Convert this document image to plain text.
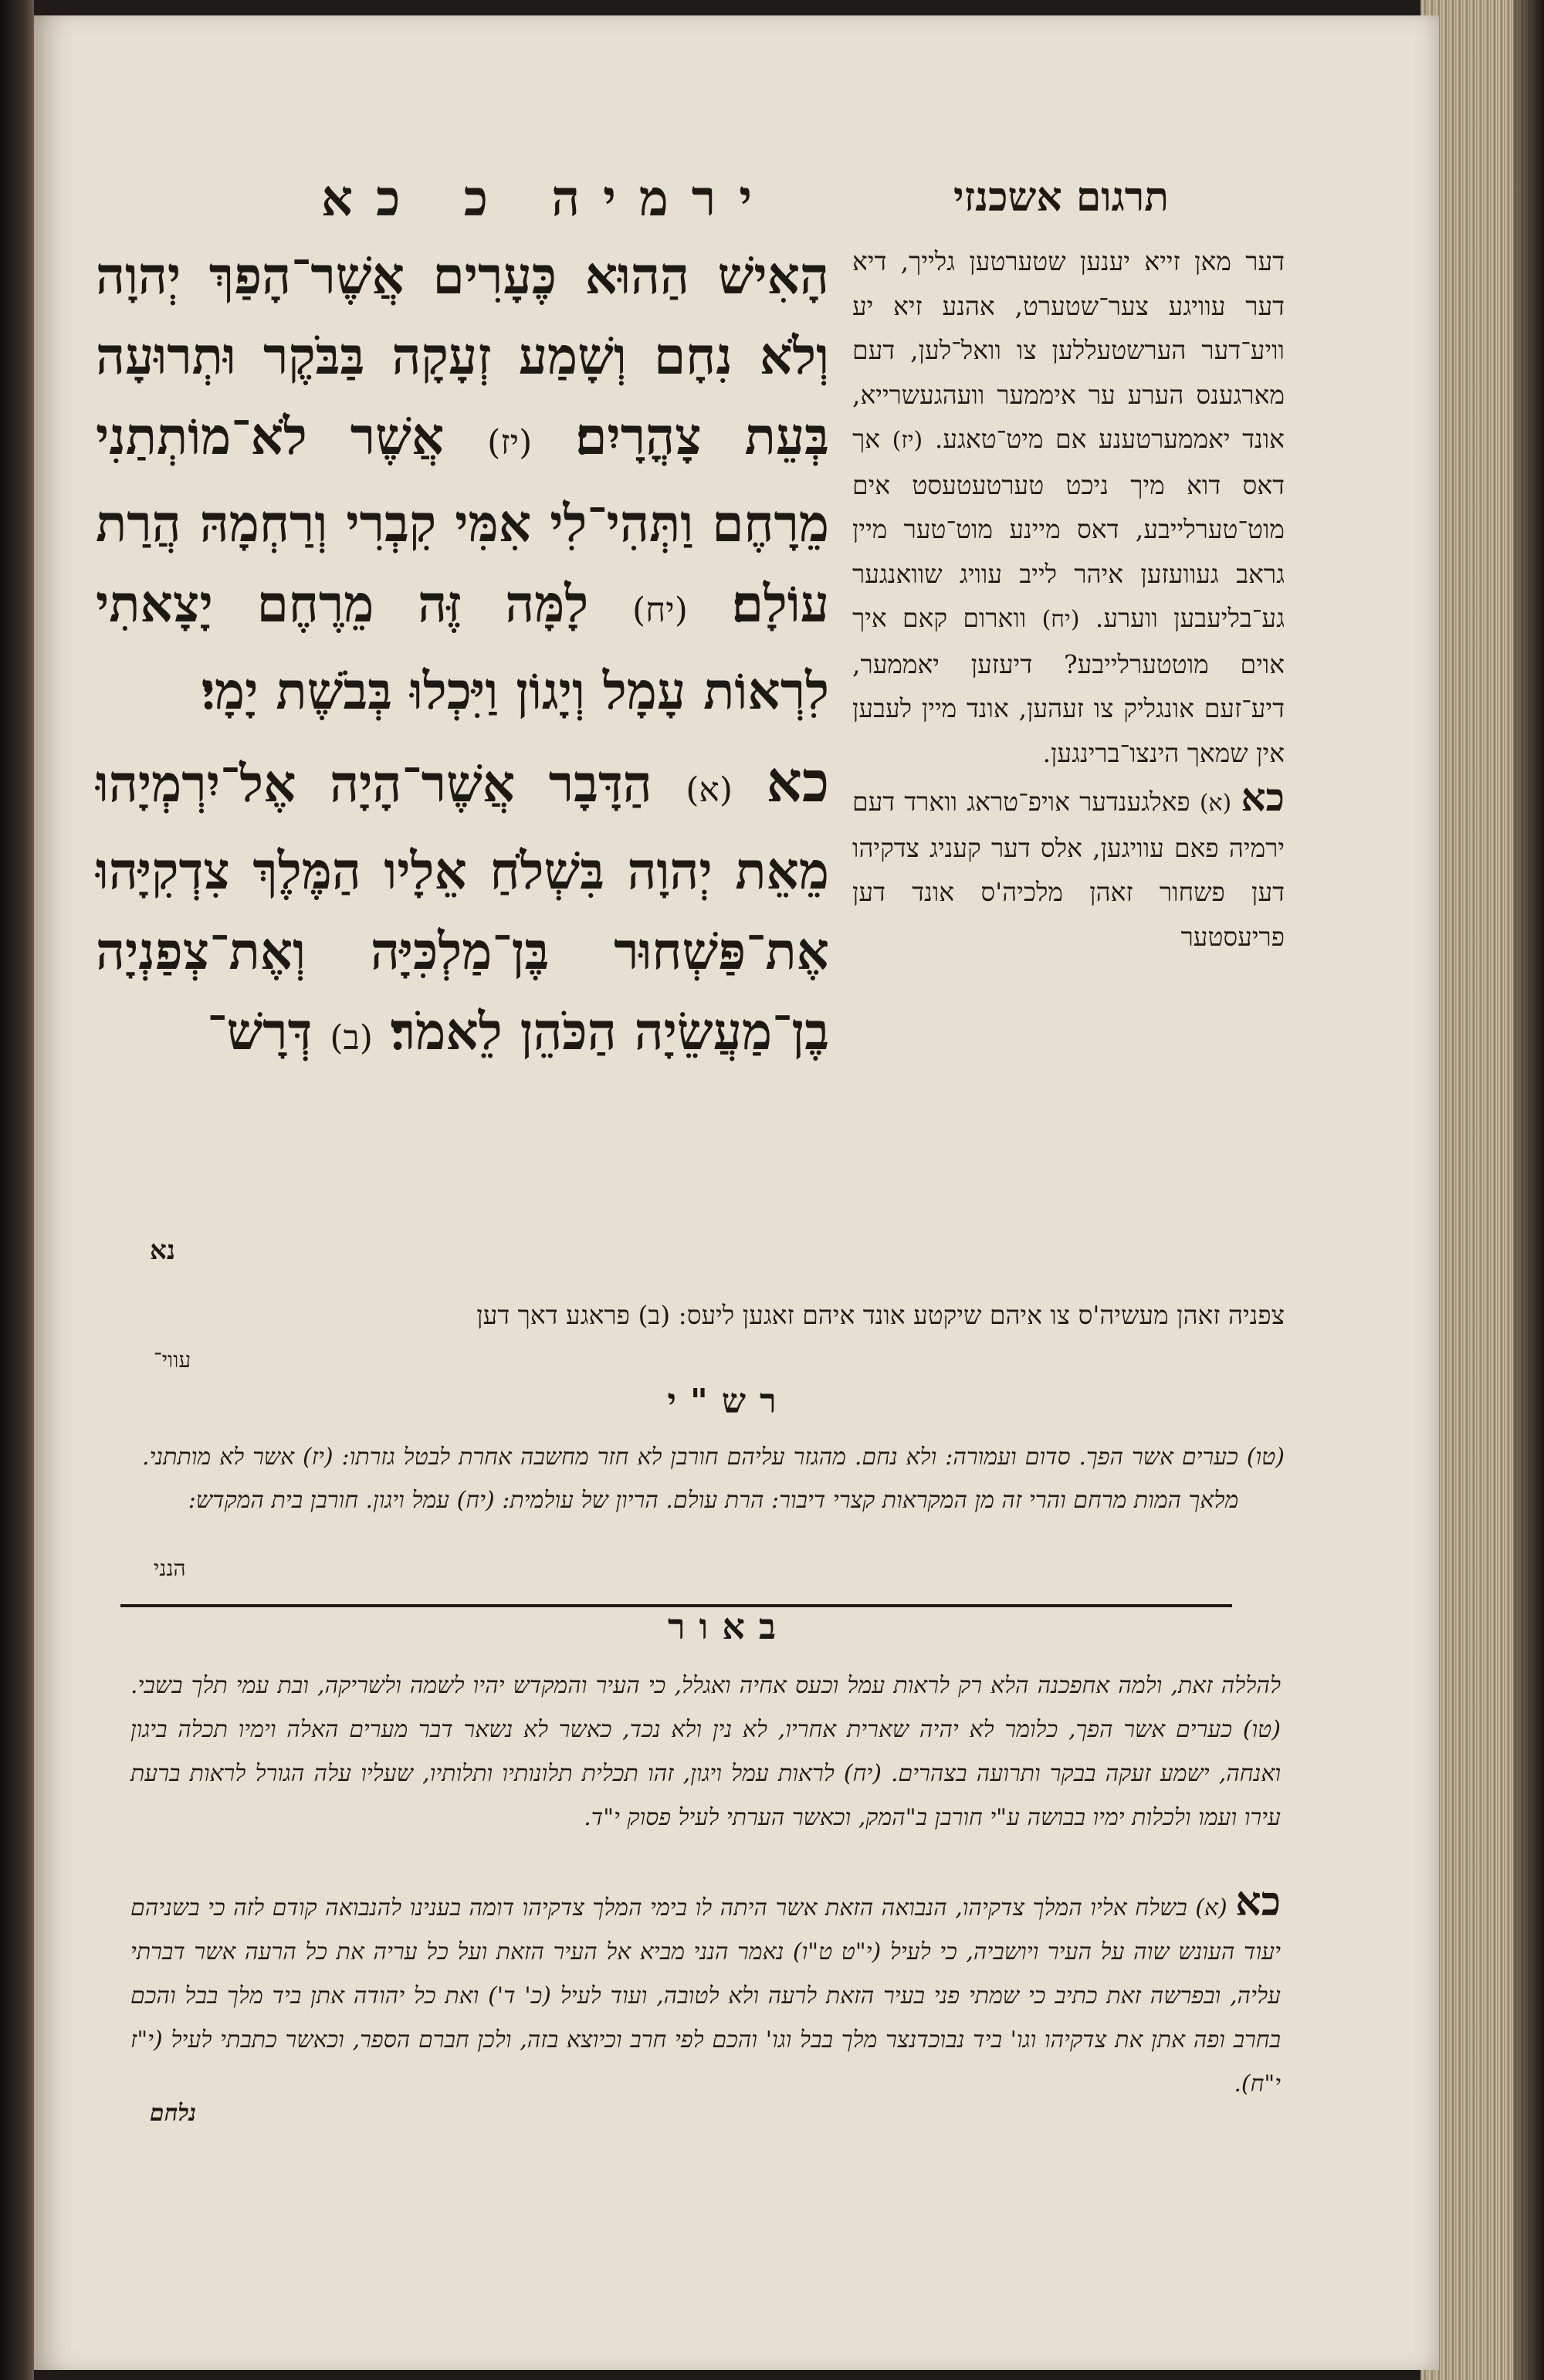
ירמיה כ כא	תרגום אשכנזי
הָאִישׁ הַהוּא כֶּעָרִים אֲשֶׁר־הָפַךְ יְהוָה וְלֹא נִחָם וְשָׁמַע זְעָקָה בַּבֹּקֶר וּתְרוּעָה בְּעֵת צָהֳרָיִם׃ (יז) אֲשֶׁר לֹא־מוֹתְתַנִי מֵרָחֶם וַתְּהִי־לִי אִמִּי קִבְרִי וְרַחְמָהּ הֲרַת עוֹלָם׃ (יח) לָמָּה זֶּה מֵרֶחֶם יָצָאתִי לִרְאוֹת עָמָל וְיָגוֹן וַיִּכְלוּ בְּבֹשֶׁת יָמָי׃
כא (א) הַדָּבָר אֲשֶׁר־הָיָה אֶל־יִרְמְיָהוּ מֵאֵת יְהוָה בִּשְׁלֹחַ אֵלָיו הַמֶּלֶךְ צִדְקִיָּהוּ אֶת־פַּשְׁחוּר בֶּן־מַלְכִּיָּה וְאֶת־צְפַנְיָה בֶן־מַעֲשֵׂיָה הַכֹּהֵן לֵאמֹר׃ (ב) דְּרָשׁ־
נא
דער מאן זייא יענען שטערטען גלייך, דיא דער עוויגע צער־שטערט, אהנע זיא יע וויע־דער הערשטעללען צו וואל־לען, דעם מארגענס הערע ער איממער וועהגעשרייא, אונד יאממערטענע אם מיט־טאגע. (יז) אך דאס דוא מיך ניכט טערטעטעסט אים מוט־טערלייבע, דאס מיינע מוט־טער מיין גראב געוועזען איהר לייב עוויג שוואנגער גע־בליעבען ווערע. (יח) ווארום קאם איך אוים מוטטערלייבע? דיעזען יאממער, דיע־זעם אונגליק צו זעהען, אונד מיין לעבען אין שמאך הינצו־ברינגען.
כא (א) פאלגענדער אויפ־טראג ווארד דעם ירמיה פאם עוויגען, אלס דער קעניג צדקיהו דען פשחור זאהן מלכיה'ס אונד דען פריעסטער
צפניה זאהן מעשיה'ס צו איהם שיקטע אונד איהם זאגען ליעס: (ב) פראגע דאך דען
עווי־
רש"י
(טו) כערים אשר הפך. סדום ועמורה: ולא נחם. מהגזר עליהם חורבן לא חזר מחשבה אחרת לבטל גזרתו: (יז) אשר לא מותתני. מלאך המות מרחם והרי זה מן המקראות קצרי דיבור: הרת עולם. הריון של עולמית: (יח) עמל ויגון. חורבן בית המקדש:
הנני
באור
להללה זאת, ולמה אחפכנה הלא רק לראות עמל וכעס אחיה ואגלל, כי העיר והמקדש יהיו לשמה ולשריקה, ובת עמי תלך בשבי. (טו) כערים אשר הפך, כלומר לא יהיה שארית אחריו, לא נין ולא נכד, כאשר לא נשאר דבר מערים האלה וימיו תכלה ביגון ואנחה, ישמע זעקה בבקר ותרועה בצהרים. (יח) לראות עמל ויגון, זהו תכלית תלונותיו ותלותיו, שעליו עלה הגורל לראות ברעת עירו ועמו ולכלות ימיו בבושה ע"י חורבן ב"המק, וכאשר הערתי לעיל פסוק י"ד.
כא (א) בשלח אליו המלך צדקיהו, הנבואה הזאת אשר היתה לו בימי המלך צדקיהו דומה בענינו להנבואה קודם לזה כי בשניהם יעוד העונש שוה על העיר ויושביה, כי לעיל (י"ט ט"ו) נאמר הנני מביא אל העיר הזאת ועל כל עריה את כל הרעה אשר דברתי עליה, ובפרשה זאת כתיב כי שמתי פני בעיר הזאת לרעה ולא לטובה, ועוד לעיל (כ' ד') ואת כל יהודה אתן ביד מלך בבל והכם בחרב ופה אתן את צדקיהו וגו' ביד נבוכדנצר מלך בבל וגו' והכם לפי חרב וכיוצא בזה, ולכן חברם הספר, וכאשר כתבתי לעיל (י"ז י"ח).
נלחם
